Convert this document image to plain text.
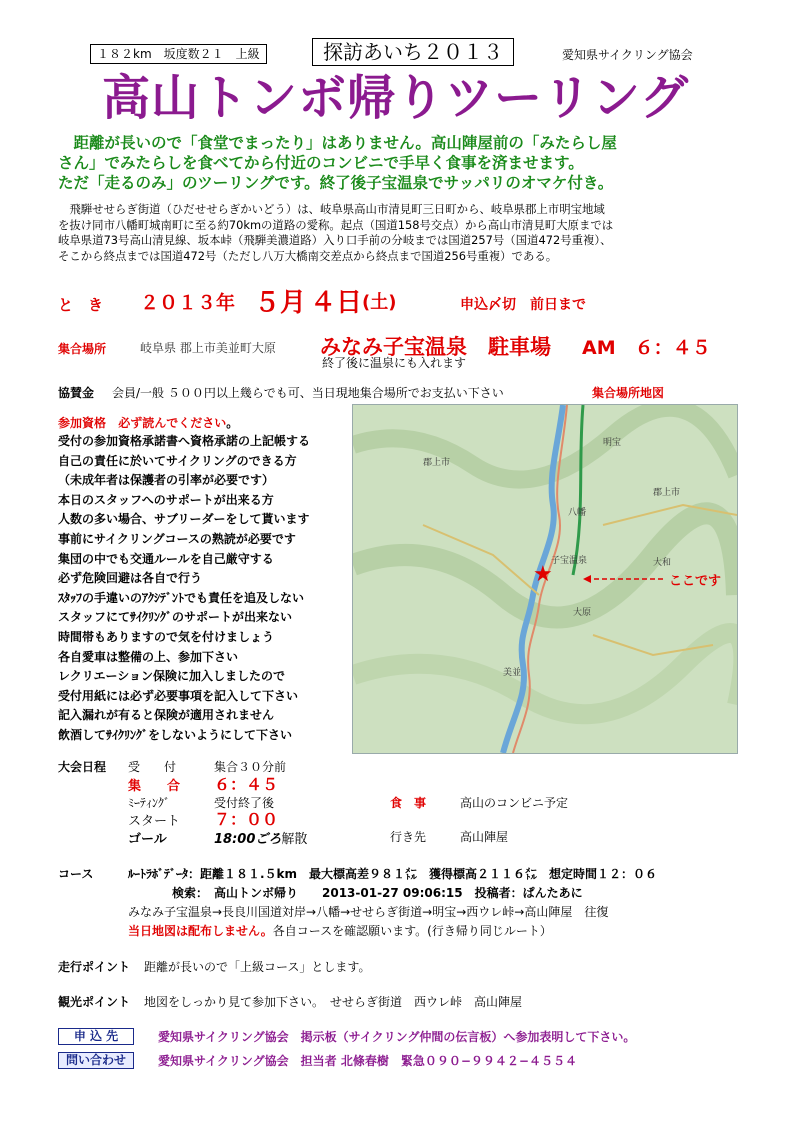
１８２km　坂度数２１　上級	探訪あいち２０１３	愛知県サイクリング協会
高山トンボ帰りツーリング
　距離が長いので「食堂でまったり」はありません。高山陣屋前の「みたらし屋
さん」でみたらしを食べてから付近のコンビニで手早く食事を済ませます。
ただ「走るのみ」のツーリングです。終了後子宝温泉でサッパリのオマケ付き。
　飛騨せせらぎ街道（ひだせせらぎかいどう）は、岐阜県高山市清見町三日町から、岐阜県郡上市明宝地域
を抜け同市八幡町城南町に至る約70kmの道路の愛称。起点（国道158号交点）から高山市清見町大原までは
岐阜県道73号高山清見線、坂本峠（飛騨美濃道路）入り口手前の分岐までは国道257号（国道472号重複）、
そこから終点までは国道472号（ただし八万大橋南交差点から終点まで国道256号重複）である。
と　き ２０１３年 ５月 ４日 (土)	申込〆切　前日まで
集合場所	岐阜県 郡上市美並町大原 みなみ子宝温泉　駐車場 AM　６：４５
終了後に温泉にも入れます
協賛金 会員/一般 ５００円以上幾らでも可、当日現地集合場所でお支払い下さい	集合場所地図
参加資格 必ず読んでください。
受付の参加資格承諾書へ資格承諾の上記帳する
自己の責任に於いてサイクリングのできる方
（未成年者は保護者の引率が必要です）
本日のスタッフへのサポートが出来る方
人数の多い場合、サブリーダーをして貰います
事前にサイクリングコースの熟読が必要です
集団の中でも交通ルールを自己厳守する
必ず危険回避は各自で行う
ｽﾀｯﾌの手違いのｱｸｼﾃﾞﾝﾄでも責任を追及しない
スタッフにてｻｲｸﾘﾝｸﾞのサポートが出来ない
時間帯もありますので気を付けましょう
各自愛車は整備の上、参加下さい
レクリエーション保険に加入しましたので
受付用紙には必ず必要事項を記入して下さい
記入漏れが有ると保険が適用されません
飲酒してｻｲｸﾘﾝｸﾞをしないようにして下さい
★
子宝温泉
郡上市
郡上市
八幡
大和
美並
明宝
大原
ここです
大会日程 受　　付	集合３０分前
集　　合 ６：４５
ﾐｰﾃｨﾝｸﾞ	受付終了後	食　事	高山のコンビニ予定
スタート ７：００
ゴール	18:00ごろ解散	行き先	高山陣屋
コース	ﾙｰﾄﾗﾎﾞﾃﾞｰﾀ：距離１８１.５km　最大標高差９８１㍍　獲得標高２１１６㍍　想定時間１２：０６
検索：　高山トンボ帰り　　2013-01-27 09:06:15　投稿者：ぱんたあに
みなみ子宝温泉→長良川国道対岸→八幡→せせらぎ街道→明宝→西ウレ峠→高山陣屋　往復
当日地図は配布しません。各自コースを確認願います。(行き帰り同じルート）
走行ポイント 距離が長いので「上級コース」とします。
観光ポイント 地図をしっかり見て参加下さい。　せせらぎ街道　西ウレ峠　高山陣屋
申 込 先	愛知県サイクリング協会　掲示板（サイクリング仲間の伝言板）へ参加表明して下さい。
問い合わせ	愛知県サイクリング協会　担当者 北條春樹　緊急０９０−９９４２−４５５４
